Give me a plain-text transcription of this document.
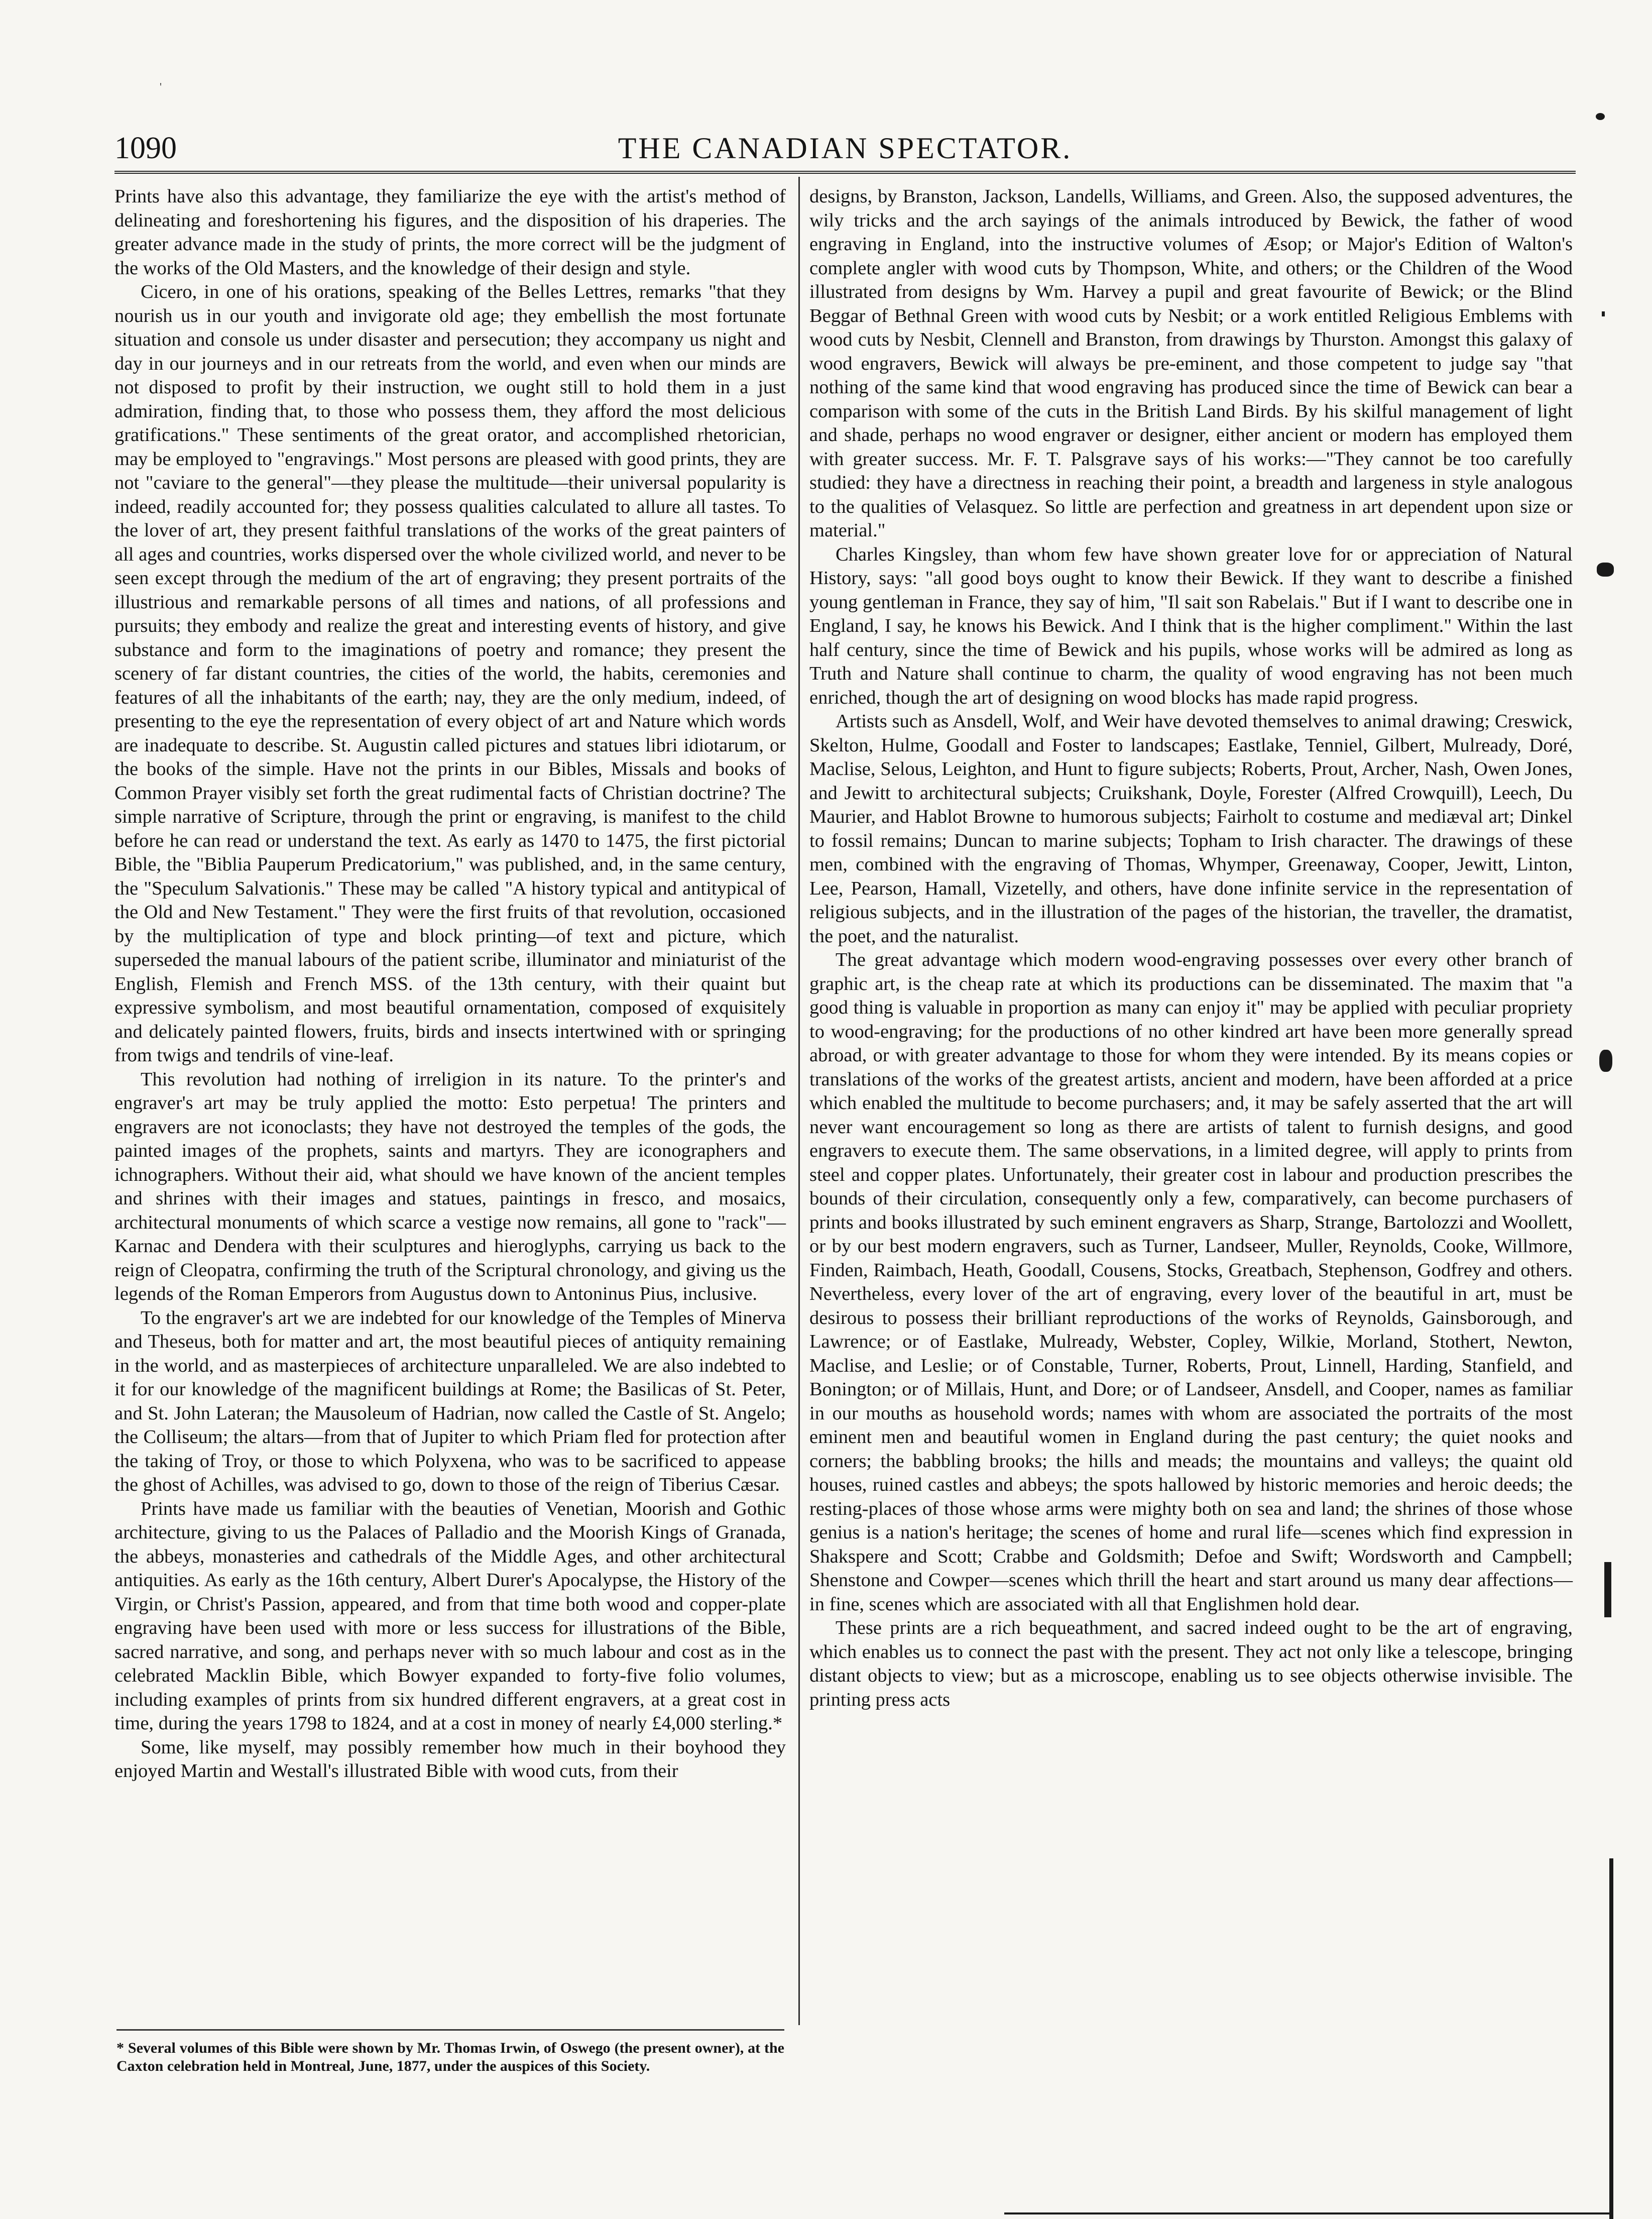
1090	THE CANADIAN SPECTATOR.

Prints have also this advantage, they familiarize the eye with the artist's method of delineating and foreshortening his figures, and the disposition of his draperies. The greater advance made in the study of prints, the more correct will be the judgment of the works of the Old Masters, and the knowledge of their design and style.

Cicero, in one of his orations, speaking of the Belles Lettres, remarks "that they nourish us in our youth and invigorate old age; they embellish the most fortunate situation and console us under disaster and persecution; they accompany us night and day in our journeys and in our retreats from the world, and even when our minds are not disposed to profit by their instruction, we ought still to hold them in a just admiration, finding that, to those who possess them, they afford the most delicious gratifications." These sentiments of the great orator, and accomplished rhetorician, may be employed to "engravings." Most persons are pleased with good prints, they are not "caviare to the general"—they please the multitude—their universal popularity is indeed, readily accounted for; they possess qualities calculated to allure all tastes. To the lover of art, they present faithful translations of the works of the great painters of all ages and countries, works dispersed over the whole civilized world, and never to be seen except through the medium of the art of engraving; they present portraits of the illustrious and remarkable persons of all times and nations, of all professions and pursuits; they embody and realize the great and interesting events of history, and give substance and form to the imaginations of poetry and romance; they present the scenery of far distant countries, the cities of the world, the habits, ceremonies and features of all the inhabitants of the earth; nay, they are the only medium, indeed, of presenting to the eye the representation of every object of art and Nature which words are inadequate to describe. St. Augustin called pictures and statues libri idiotarum, or the books of the simple. Have not the prints in our Bibles, Missals and books of Common Prayer visibly set forth the great rudimental facts of Christian doctrine? The simple narrative of Scripture, through the print or engraving, is manifest to the child before he can read or understand the text. As early as 1470 to 1475, the first pictorial Bible, the "Biblia Pauperum Predicatorium," was published, and, in the same century, the "Speculum Salvationis." These may be called "A history typical and antitypical of the Old and New Testament." They were the first fruits of that revolution, occasioned by the multiplication of type and block printing—of text and picture, which superseded the manual labours of the patient scribe, illuminator and miniaturist of the English, Flemish and French MSS. of the 13th century, with their quaint but expressive symbolism, and most beautiful ornamentation, composed of exquisitely and delicately painted flowers, fruits, birds and insects intertwined with or springing from twigs and tendrils of vine-leaf.

This revolution had nothing of irreligion in its nature. To the printer's and engraver's art may be truly applied the motto: Esto perpetua! The printers and engravers are not iconoclasts; they have not destroyed the temples of the gods, the painted images of the prophets, saints and martyrs. They are iconographers and ichnographers. Without their aid, what should we have known of the ancient temples and shrines with their images and statues, paintings in fresco, and mosaics, architectural monuments of which scarce a vestige now remains, all gone to "rack"—Karnac and Dendera with their sculptures and hieroglyphs, carrying us back to the reign of Cleopatra, confirming the truth of the Scriptural chronology, and giving us the legends of the Roman Emperors from Augustus down to Antoninus Pius, inclusive.

To the engraver's art we are indebted for our knowledge of the Temples of Minerva and Theseus, both for matter and art, the most beautiful pieces of antiquity remaining in the world, and as masterpieces of architecture unparalleled. We are also indebted to it for our knowledge of the magnificent buildings at Rome; the Basilicas of St. Peter, and St. John Lateran; the Mausoleum of Hadrian, now called the Castle of St. Angelo; the Colliseum; the altars—from that of Jupiter to which Priam fled for protection after the taking of Troy, or those to which Polyxena, who was to be sacrificed to appease the ghost of Achilles, was advised to go, down to those of the reign of Tiberius Cæsar.

Prints have made us familiar with the beauties of Venetian, Moorish and Gothic architecture, giving to us the Palaces of Palladio and the Moorish Kings of Granada, the abbeys, monasteries and cathedrals of the Middle Ages, and other architectural antiquities. As early as the 16th century, Albert Durer's Apocalypse, the History of the Virgin, or Christ's Passion, appeared, and from that time both wood and copper-plate engraving have been used with more or less success for illustrations of the Bible, sacred narrative, and song, and perhaps never with so much labour and cost as in the celebrated Macklin Bible, which Bowyer expanded to forty-five folio volumes, including examples of prints from six hundred different engravers, at a great cost in time, during the years 1798 to 1824, and at a cost in money of nearly £4,000 sterling.*

Some, like myself, may possibly remember how much in their boyhood they enjoyed Martin and Westall's illustrated Bible with wood cuts, from their

designs, by Branston, Jackson, Landells, Williams, and Green. Also, the supposed adventures, the wily tricks and the arch sayings of the animals introduced by Bewick, the father of wood engraving in England, into the instructive volumes of Æsop; or Major's Edition of Walton's complete angler with wood cuts by Thompson, White, and others; or the Children of the Wood illustrated from designs by Wm. Harvey a pupil and great favourite of Bewick; or the Blind Beggar of Bethnal Green with wood cuts by Nesbit; or a work entitled Religious Emblems with wood cuts by Nesbit, Clennell and Branston, from drawings by Thurston. Amongst this galaxy of wood engravers, Bewick will always be pre-eminent, and those competent to judge say "that nothing of the same kind that wood engraving has produced since the time of Bewick can bear a comparison with some of the cuts in the British Land Birds. By his skilful management of light and shade, perhaps no wood engraver or designer, either ancient or modern has employed them with greater success. Mr. F. T. Palsgrave says of his works:—"They cannot be too carefully studied: they have a directness in reaching their point, a breadth and largeness in style analogous to the qualities of Velasquez. So little are perfection and greatness in art dependent upon size or material."

Charles Kingsley, than whom few have shown greater love for or appreciation of Natural History, says: "all good boys ought to know their Bewick. If they want to describe a finished young gentleman in France, they say of him, "Il sait son Rabelais." But if I want to describe one in England, I say, he knows his Bewick. And I think that is the higher compliment." Within the last half century, since the time of Bewick and his pupils, whose works will be admired as long as Truth and Nature shall continue to charm, the quality of wood engraving has not been much enriched, though the art of designing on wood blocks has made rapid progress.

Artists such as Ansdell, Wolf, and Weir have devoted themselves to animal drawing; Creswick, Skelton, Hulme, Goodall and Foster to landscapes; Eastlake, Tenniel, Gilbert, Mulready, Doré, Maclise, Selous, Leighton, and Hunt to figure subjects; Roberts, Prout, Archer, Nash, Owen Jones, and Jewitt to architectural subjects; Cruikshank, Doyle, Forester (Alfred Crowquill), Leech, Du Maurier, and Hablot Browne to humorous subjects; Fairholt to costume and mediæval art; Dinkel to fossil remains; Duncan to marine subjects; Topham to Irish character. The drawings of these men, combined with the engraving of Thomas, Whymper, Greenaway, Cooper, Jewitt, Linton, Lee, Pearson, Hamall, Vizetelly, and others, have done infinite service in the representation of religious subjects, and in the illustration of the pages of the historian, the traveller, the dramatist, the poet, and the naturalist.

The great advantage which modern wood-engraving possesses over every other branch of graphic art, is the cheap rate at which its productions can be disseminated. The maxim that "a good thing is valuable in proportion as many can enjoy it" may be applied with peculiar propriety to wood-engraving; for the productions of no other kindred art have been more generally spread abroad, or with greater advantage to those for whom they were intended. By its means copies or translations of the works of the greatest artists, ancient and modern, have been afforded at a price which enabled the multitude to become purchasers; and, it may be safely asserted that the art will never want encouragement so long as there are artists of talent to furnish designs, and good engravers to execute them. The same observations, in a limited degree, will apply to prints from steel and copper plates. Unfortunately, their greater cost in labour and production prescribes the bounds of their circulation, consequently only a few, comparatively, can become purchasers of prints and books illustrated by such eminent engravers as Sharp, Strange, Bartolozzi and Woollett, or by our best modern engravers, such as Turner, Landseer, Muller, Reynolds, Cooke, Willmore, Finden, Raimbach, Heath, Goodall, Cousens, Stocks, Greatbach, Stephenson, Godfrey and others. Nevertheless, every lover of the art of engraving, every lover of the beautiful in art, must be desirous to possess their brilliant reproductions of the works of Reynolds, Gainsborough, and Lawrence; or of Eastlake, Mulready, Webster, Copley, Wilkie, Morland, Stothert, Newton, Maclise, and Leslie; or of Constable, Turner, Roberts, Prout, Linnell, Harding, Stanfield, and Bonington; or of Millais, Hunt, and Dore; or of Landseer, Ansdell, and Cooper, names as familiar in our mouths as household words; names with whom are associated the portraits of the most eminent men and beautiful women in England during the past century; the quiet nooks and corners; the babbling brooks; the hills and meads; the mountains and valleys; the quaint old houses, ruined castles and abbeys; the spots hallowed by historic memories and heroic deeds; the resting-places of those whose arms were mighty both on sea and land; the shrines of those whose genius is a nation's heritage; the scenes of home and rural life—scenes which find expression in Shakspere and Scott; Crabbe and Goldsmith; Defoe and Swift; Wordsworth and Campbell; Shenstone and Cowper—scenes which thrill the heart and start around us many dear affections—in fine, scenes which are associated with all that Englishmen hold dear.

These prints are a rich bequeathment, and sacred indeed ought to be the art of engraving, which enables us to connect the past with the present. They act not only like a telescope, bringing distant objects to view; but as a microscope, enabling us to see objects otherwise invisible. The printing press acts

* Several volumes of this Bible were shown by Mr. Thomas Irwin, of Oswego (the present owner), at the Caxton celebration held in Montreal, June, 1877, under the auspices of this Society.
'
